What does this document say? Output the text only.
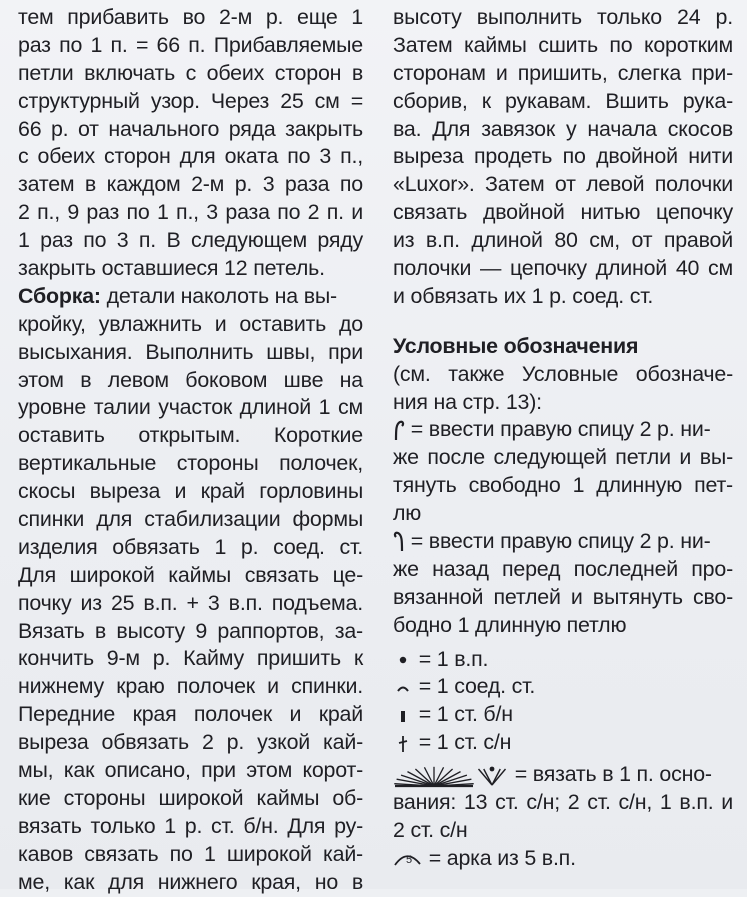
тем прибавить во 2-м р. еще 1
раз по 1 п. = 66 п. Прибавляемые
петли включать с обеих сторон в
структурный узор. Через 25 см =
66 р. от начального ряда закрыть
с обеих сторон для оката по 3 п.,
затем в каждом 2-м р. 3 раза по
2 п., 9 раз по 1 п., 3 раза по 2 п. и
1 раз по 3 п. В следующем ряду
закрыть оставшиеся 12 петель.
Сборка: детали наколоть на вы-
кройку, увлажнить и оставить до
высыхания. Выполнить швы, при
этом в левом боковом шве на
уровне талии участок длиной 1 см
оставить открытым. Короткие
вертикальные стороны полочек,
скосы выреза и край горловины
спинки для стабилизации формы
изделия обвязать 1 р. соед. ст.
Для широкой каймы связать це-
почку из 25 в.п. + 3 в.п. подъема.
Вязать в высоту 9 раппортов, за-
кончить 9-м р. Кайму пришить к
нижнему краю полочек и спинки.
Передние края полочек и край
выреза обвязать 2 р. узкой кай-
мы, как описано, при этом корот-
кие стороны широкой каймы об-
вязать только 1 р. ст. б/н. Для ру-
кавов связать по 1 широкой кай-
ме, как для нижнего края, но в
высоту выполнить только 24 р.
Затем каймы сшить по коротким
сторонам и пришить, слегка при-
сборив, к рукавам. Вшить рука-
ва. Для завязок у начала скосов
выреза продеть по двойной нити
«Luxor». Затем от левой полочки
связать двойной нитью цепочку
из в.п. длиной 80 см, от правой
полочки — цепочку длиной 40 см
и обвязать их 1 р. соед. ст.
Условные обозначения
(см. также Условные обозначе-
ния на стр. 13):
= ввести правую спицу 2 р. ни-
же после следующей петли и вы-
тянуть свободно 1 длинную пет-
лю
= ввести правую спицу 2 р. ни-
же назад перед последней про-
вязанной петлей и вытянуть сво-
бодно 1 длинную петлю
= 1 в.п.
= 1 соед. ст.
= 1 ст. б/н
= 1 ст. с/н
= вязать в 1 п. осно-
вания: 13 ст. с/н; 2 ст. с/н, 1 в.п. и
2 ст. с/н
5 = арка из 5 в.п.
